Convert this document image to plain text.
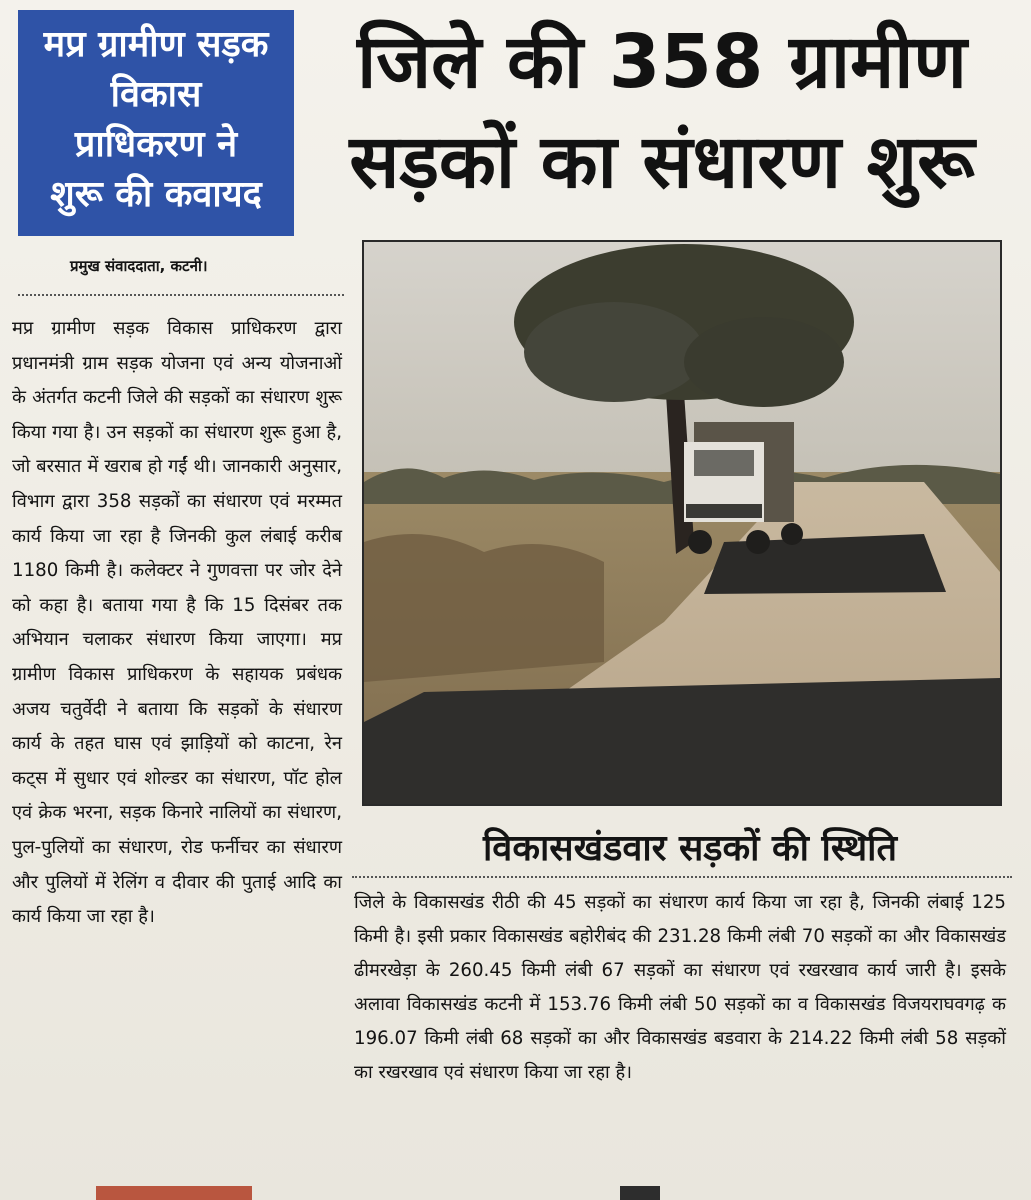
मप्र ग्रामीण सड़क
विकास
प्राधिकरण ने
शुरू की कवायद
जिले की 358 ग्रामीण
सड़कों का संधारण शुरू
प्रमुख संवाददाता, कटनी।

मप्र ग्रामीण सड़क विकास प्राधिकरण द्वारा प्रधानमंत्री ग्राम सड़क योजना एवं अन्य योजनाओं के अंतर्गत कटनी जिले की सड़कों का संधारण शुरू किया गया है। उन सड़कों का संधारण शुरू हुआ है, जो बरसात में खराब हो गईं थी। जानकारी अनुसार, विभाग द्वारा 358 सड़कों का संधारण एवं मरम्मत कार्य किया जा रहा है जिनकी कुल लंबाई करीब 1180 किमी है। कलेक्टर ने गुणवत्ता पर जोर देने को कहा है। बताया गया है कि 15 दिसंबर तक अभियान चलाकर संधारण किया जाएगा। मप्र ग्रामीण विकास प्राधिकरण के सहायक प्रबंधक अजय चतुर्वेदी ने बताया कि सड़कों के संधारण कार्य के तहत घास एवं झाड़ियों को काटना, रेन कट्स में सुधार एवं शोल्डर का संधारण, पॉट होल एवं क्रेक भरना, सड़क किनारे नालियों का संधारण, पुल-पुलियों का संधारण, रोड फर्नीचर का संधारण और पुलियों में रेलिंग व दीवार की पुताई आदि का कार्य किया जा रहा है।

विकासखंडवार सड़कों की स्थिति

जिले के विकासखंड रीठी की 45 सड़कों का संधारण कार्य किया जा रहा है, जिनकी लंबाई 125 किमी है। इसी प्रकार विकासखंड बहोरीबंद की 231.28 किमी लंबी 70 सड़कों का और विकासखंड ढीमरखेड़ा के 260.45 किमी लंबी 67 सड़कों का संधारण एवं रखरखाव कार्य जारी है। इसके अलावा विकासखंड कटनी में 153.76 किमी लंबी 50 सड़कों का व विकासखंड विजयराघवगढ़ क 196.07 किमी लंबी 68 सड़कों का और विकासखंड बडवारा के 214.22 किमी लंबी 58 सड़कों का रखरखाव एवं संधारण किया जा रहा है।
